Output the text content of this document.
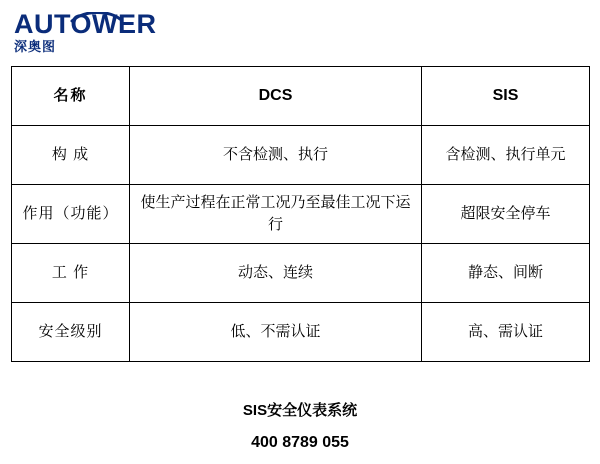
AUTOWER
深奥图
名称	DCS	SIS
构 成	不含检测、执行	含检测、执行单元
作用（功能）	使生产过程在正常工况乃至最佳工况下运行	超限安全停车
工 作	动态、连续	静态、间断
安全级别	低、不需认证	高、需认证
SIS安全仪表系统
400 8789 055
